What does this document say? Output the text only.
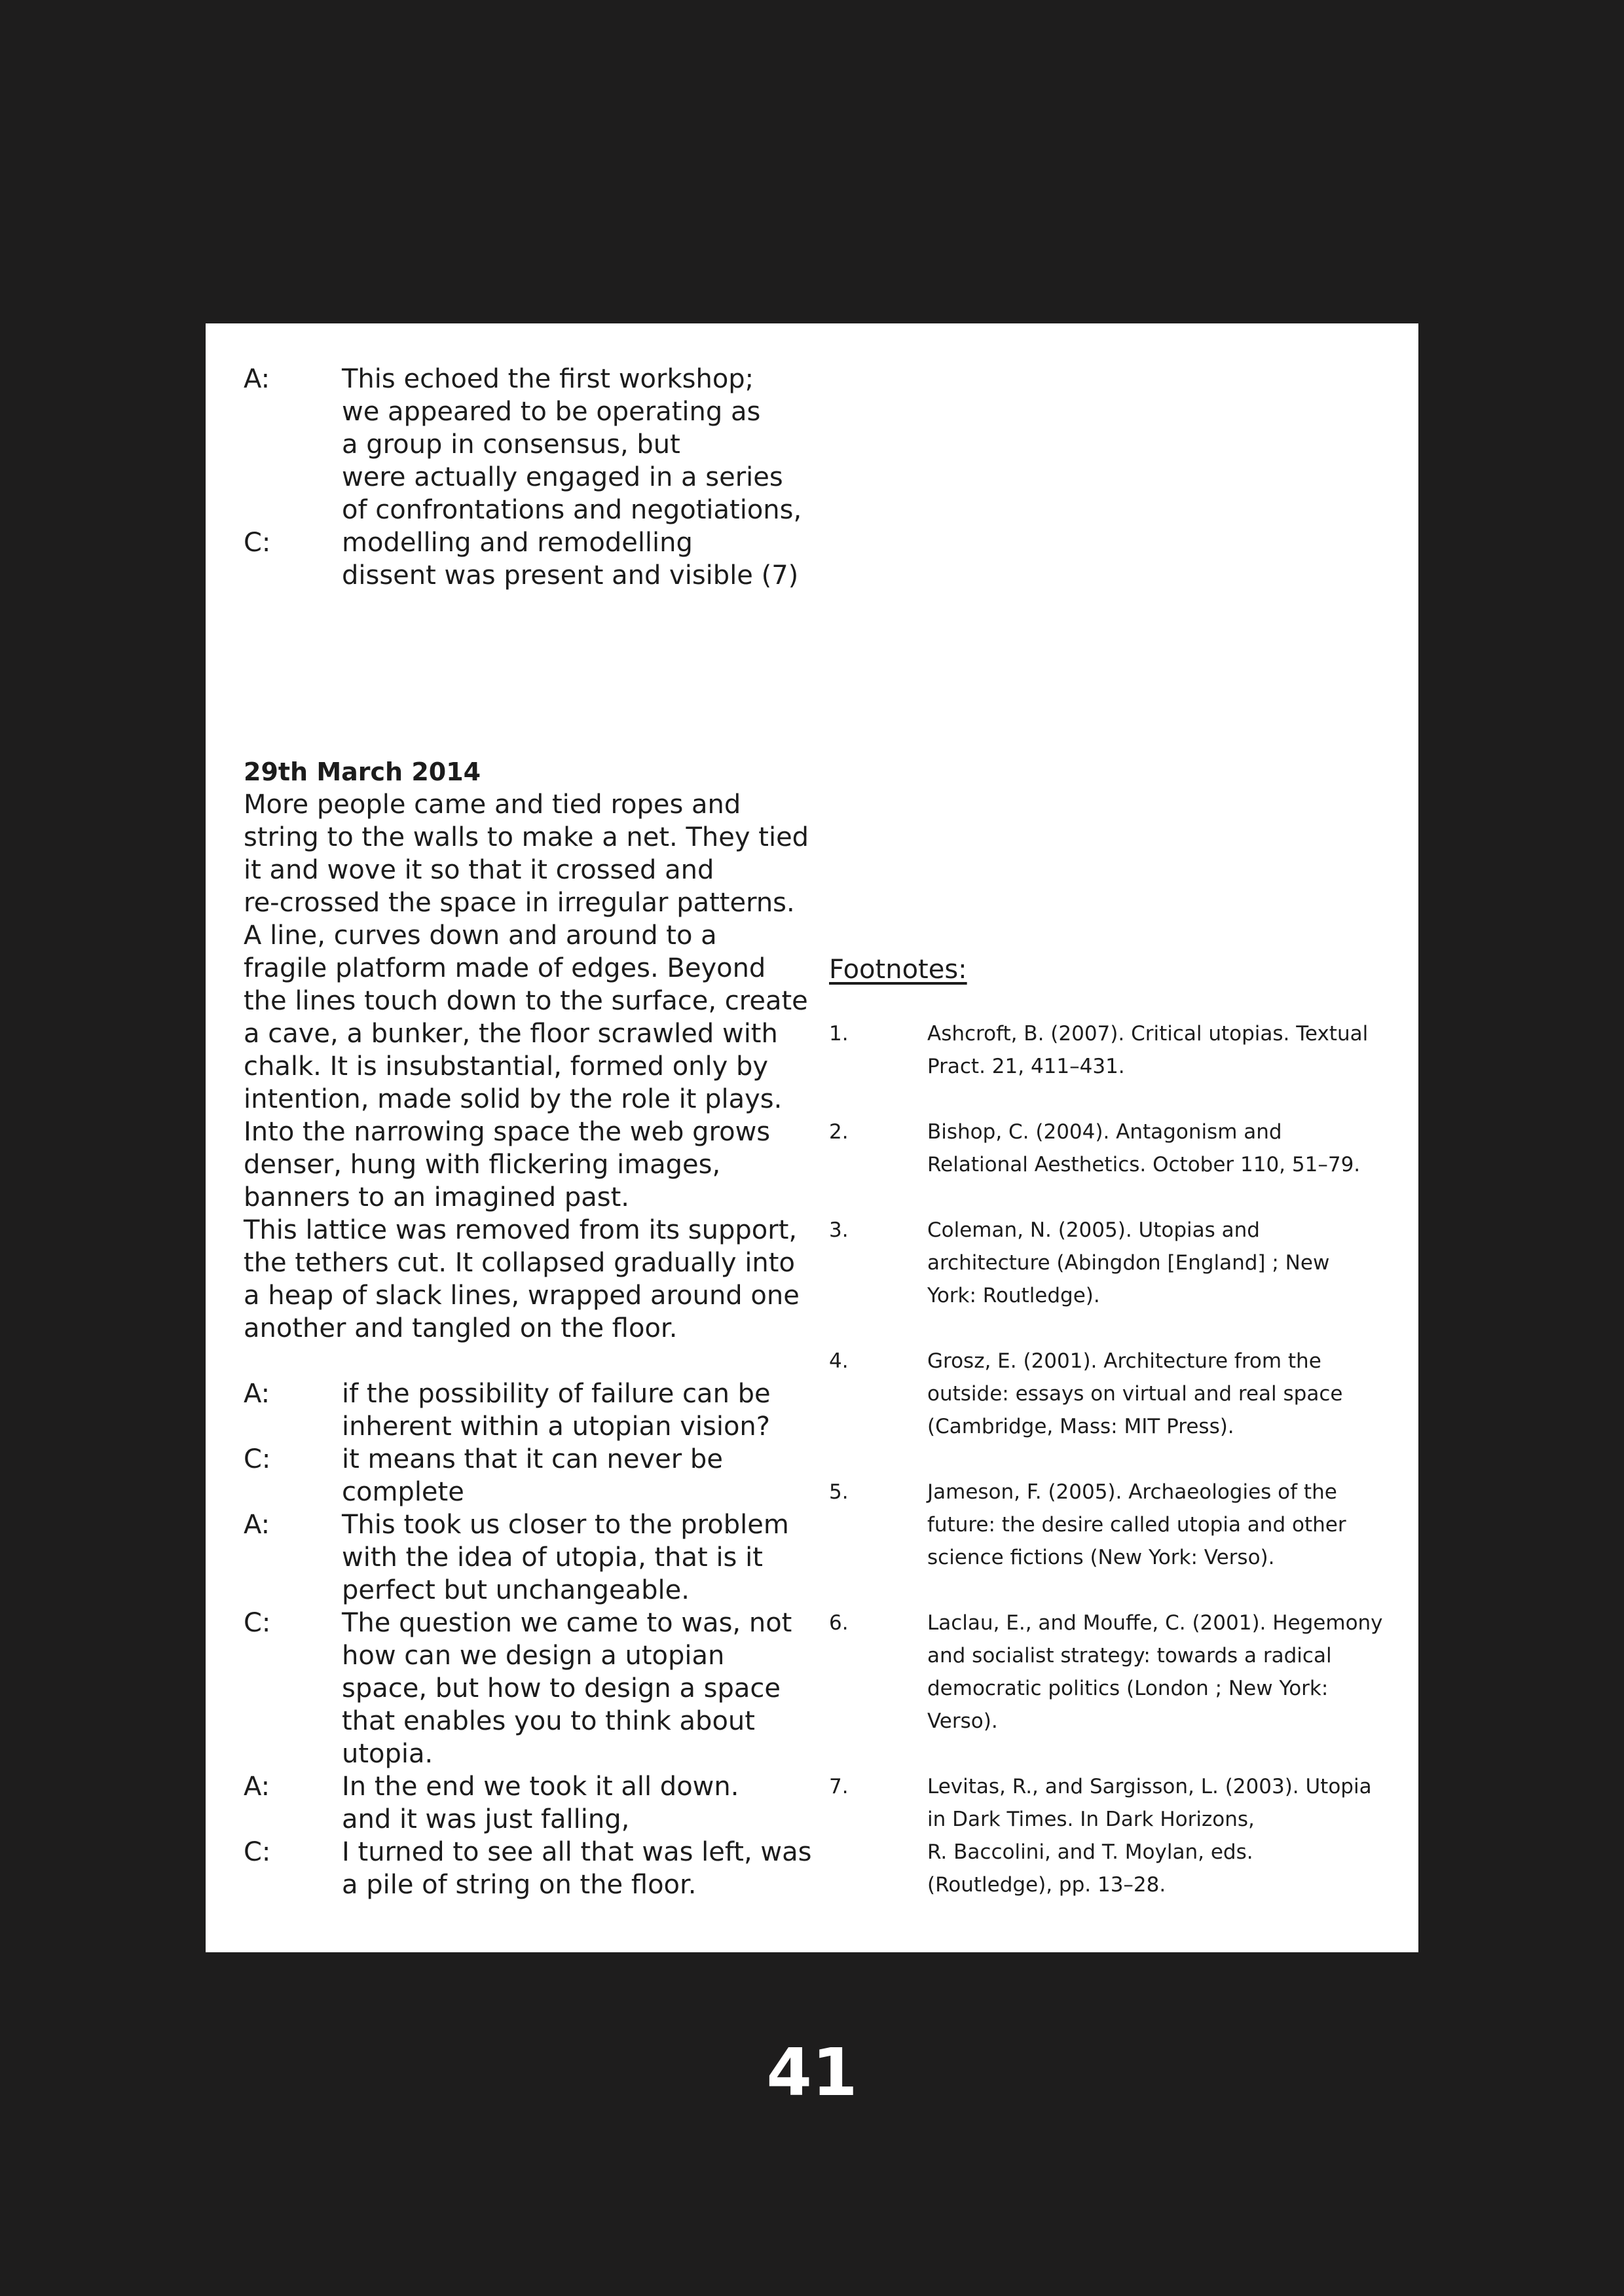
A:	This echoed the first workshop;
we appeared to be operating as
a group in consensus, but
were actually engaged in a series
of confrontations and negotiations,
C:	modelling and remodelling
dissent was present and visible (7)
29th March 2014
More people came and tied ropes and
string to the walls to make a net. They tied
it and wove it so that it crossed and
re-crossed the space in irregular patterns.
A line, curves down and around to a
fragile platform made of edges. Beyond
the lines touch down to the surface, create
a cave, a bunker, the floor scrawled with
chalk. It is insubstantial, formed only by
intention, made solid by the role it plays.
Into the narrowing space the web grows
denser, hung with flickering images,
banners to an imagined past.
This lattice was removed from its support,
the tethers cut. It collapsed gradually into
a heap of slack lines, wrapped around one
another and tangled on the floor.
A:	if the possibility of failure can be
inherent within a utopian vision?
C:	it means that it can never be
complete
A:	This took us closer to the problem
with the idea of utopia, that is it
perfect but unchangeable.
C:	The question we came to was, not
how can we design a utopian
space, but how to design a space
that enables you to think about
utopia.
A:	In the end we took it all down.
and it was just falling,
C:	I turned to see all that was left, was
a pile of string on the floor.
Footnotes:
1.	Ashcroft, B. (2007). Critical utopias. Textual
Pract. 21, 411–431.
2.	Bishop, C. (2004). Antagonism and
Relational Aesthetics. October 110, 51–79.
3.	Coleman, N. (2005). Utopias and
architecture (Abingdon [England] ; New
York: Routledge).
4.	Grosz, E. (2001). Architecture from the
outside: essays on virtual and real space
(Cambridge, Mass: MIT Press).
5.	Jameson, F. (2005). Archaeologies of the
future: the desire called utopia and other
science fictions (New York: Verso).
6.	Laclau, E., and Mouffe, C. (2001). Hegemony
and socialist strategy: towards a radical
democratic politics (London ; New York:
Verso).
7.	Levitas, R., and Sargisson, L. (2003). Utopia
in Dark Times. In Dark Horizons,
R. Baccolini, and T. Moylan, eds.
(Routledge), pp. 13–28.
41
